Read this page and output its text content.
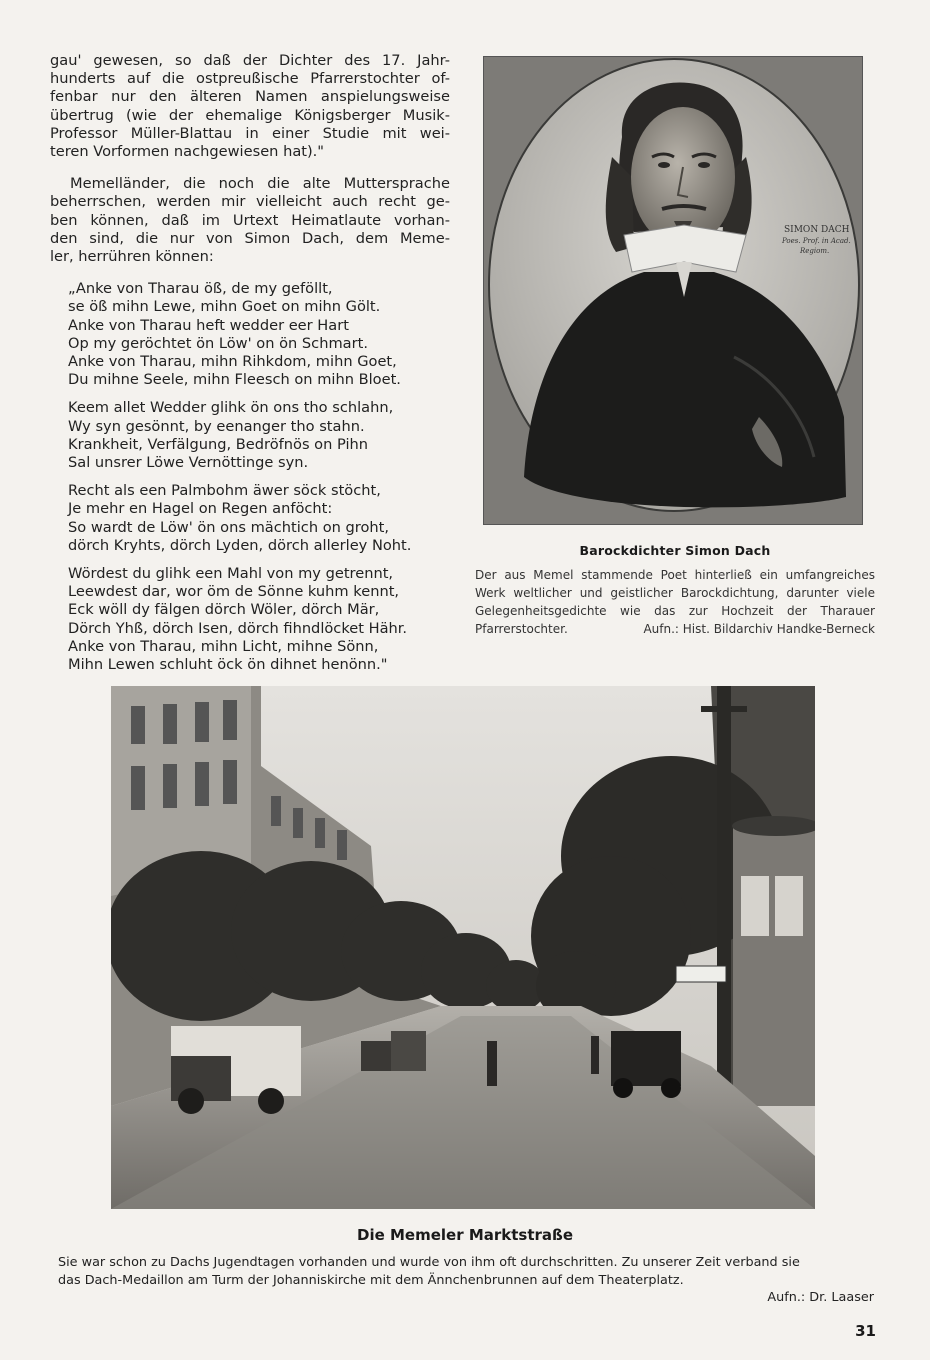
gau' gewesen, so daß der Dichter des 17. Jahr-
hunderts auf die ostpreußische Pfarrerstochter of-
fenbar nur den älteren Namen anspielungsweise
übertrug (wie der ehemalige Königsberger Musik-
Professor Müller-Blattau in einer Studie mit wei-
teren Vorformen nachgewiesen hat)."
Memelländer, die noch die alte Muttersprache
beherrschen, werden mir vielleicht auch recht ge-
ben können, daß im Urtext Heimatlaute vorhan-
den sind, die nur von Simon Dach, dem Meme-
ler, herrühren können:
„Anke von Tharau öß, de my geföllt,
se öß mihn Lewe, mihn Goet on mihn Gölt.
Anke von Tharau heft wedder eer Hart
Op my geröchtet ön Löw' on ön Schmart.
Anke von Tharau, mihn Rihkdom, mihn Goet,
Du mihne Seele, mihn Fleesch on mihn Bloet.
Keem allet Wedder glihk ön ons tho schlahn,
Wy syn gesönnt, by eenanger tho stahn.
Krankheit, Verfälgung, Bedröfnös on Pihn
Sal unsrer Löwe Vernöttinge syn.
Recht als een Palmbohm äwer söck stöcht,
Je mehr en Hagel on Regen anföcht:
So wardt de Löw' ön ons mächtich on groht,
dörch Kryhts, dörch Lyden, dörch allerley Noht.
Wördest du glihk een Mahl von my getrennt,
Leewdest dar, wor öm de Sönne kuhm kennt,
Eck wöll dy fälgen dörch Wöler, dörch Mär,
Dörch Yhß, dörch Isen, dörch fihndlöcket Hähr.
Anke von Tharau, mihn Licht, mihne Sönn,
Mihn Lewen schluht öck ön dihnet henönn."
SIMON DACH
Poes. Prof. in Acad.
Regiom.
Barockdichter Simon Dach
Der aus Memel stammende Poet hinterließ ein umfangreiches
Werk weltlicher und geistlicher Barockdichtung, darunter viele
Gelegenheitsgedichte wie das zur Hochzeit der Tharauer
Pfarrerstochter.	Aufn.: Hist. Bildarchiv Handke-Berneck
Die Memeler Marktstraße
Sie war schon zu Dachs Jugendtagen vorhanden und wurde von ihm oft durchschritten. Zu unserer Zeit verband sie
das Dach-Medaillon am Turm der Johanniskirche mit dem Ännchenbrunnen auf dem Theaterplatz.
Aufn.: Dr. Laaser
31
